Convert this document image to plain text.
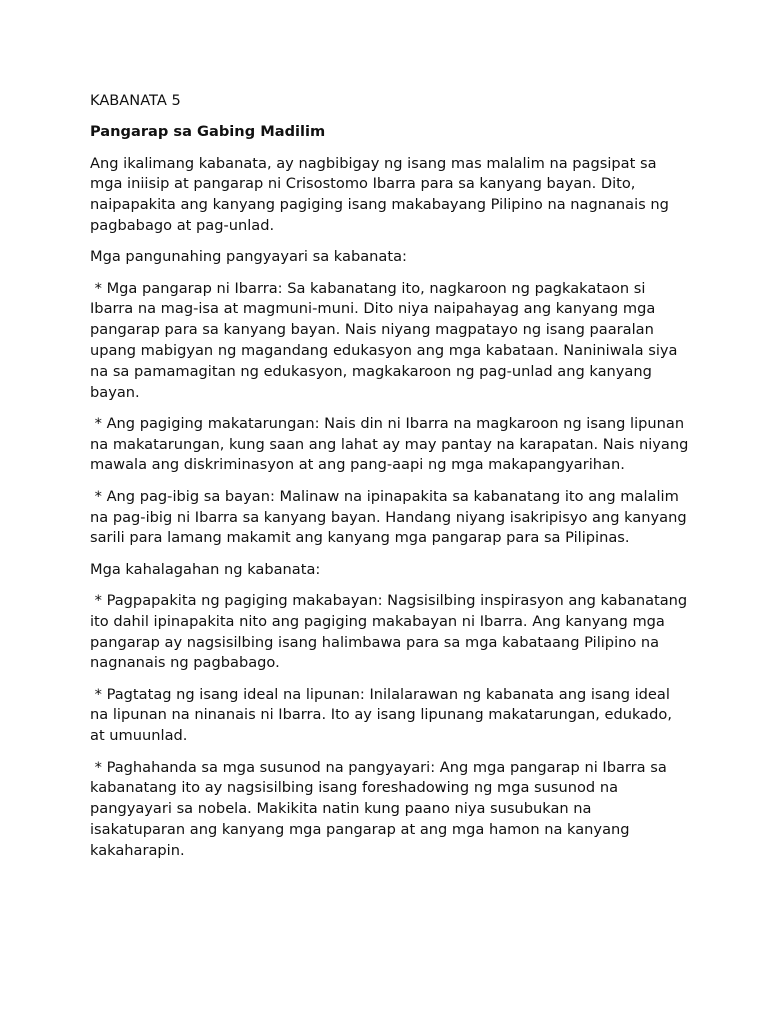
KABANATA 5
Pangarap sa Gabing Madilim

Ang ikalimang kabanata, ay nagbibigay ng isang mas malalim na pagsipat sa mga iniisip at pangarap ni Crisostomo Ibarra para sa kanyang bayan. Dito, naipapakita ang kanyang pagiging isang makabayang Pilipino na nagnanais ng pagbabago at pag-unlad.

Mga pangunahing pangyayari sa kabanata:

* Mga pangarap ni Ibarra: Sa kabanatang ito, nagkaroon ng pagkakataon si Ibarra na mag-isa at magmuni-muni. Dito niya naipahayag ang kanyang mga pangarap para sa kanyang bayan. Nais niyang magpatayo ng isang paaralan upang mabigyan ng magandang edukasyon ang mga kabataan. Naniniwala siya na sa pamamagitan ng edukasyon, magkakaroon ng pag-unlad ang kanyang bayan.

* Ang pagiging makatarungan: Nais din ni Ibarra na magkaroon ng isang lipunan na makatarungan, kung saan ang lahat ay may pantay na karapatan. Nais niyang mawala ang diskriminasyon at ang pang-aapi ng mga makapangyarihan.

* Ang pag-ibig sa bayan: Malinaw na ipinapakita sa kabanatang ito ang malalim na pag-ibig ni Ibarra sa kanyang bayan. Handang niyang isakripisyo ang kanyang sarili para lamang makamit ang kanyang mga pangarap para sa Pilipinas.

Mga kahalagahan ng kabanata:

* Pagpapakita ng pagiging makabayan: Nagsisilbing inspirasyon ang kabanatang ito dahil ipinapakita nito ang pagiging makabayan ni Ibarra. Ang kanyang mga pangarap ay nagsisilbing isang halimbawa para sa mga kabataang Pilipino na nagnanais ng pagbabago.

* Pagtatag ng isang ideal na lipunan: Inilalarawan ng kabanata ang isang ideal na lipunan na ninanais ni Ibarra. Ito ay isang lipunang makatarungan, edukado, at umuunlad.

* Paghahanda sa mga susunod na pangyayari: Ang mga pangarap ni Ibarra sa kabanatang ito ay nagsisilbing isang foreshadowing ng mga susunod na pangyayari sa nobela. Makikita natin kung paano niya susubukan na isakatuparan ang kanyang mga pangarap at ang mga hamon na kanyang kakaharapin.
